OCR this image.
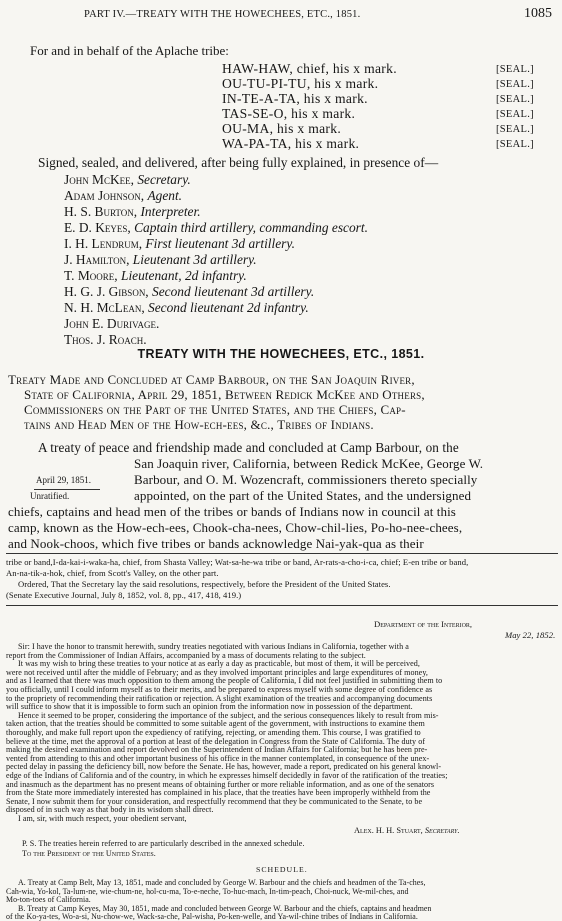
PART IV.—TREATY WITH THE HOWECHEES, ETC., 1851.	1085
For and in behalf of the Aplache tribe:
HAW-HAW, chief, his x mark.	[SEAL.]
OU-TU-PI-TU, his x mark.	[SEAL.]
IN-TE-A-TA, his x mark.	[SEAL.]
TAS-SE-O, his x mark.	[SEAL.]
OU-MA, his x mark.	[SEAL.]
WA-PA-TA, his x mark.	[SEAL.]
Signed, sealed, and delivered, after being fully explained, in presence of—
John McKee, Secretary.
Adam Johnson, Agent.
H. S. Burton, Interpreter.
E. D. Keyes, Captain third artillery, commanding escort.
I. H. Lendrum, First lieutenant 3d artillery.
J. Hamilton, Lieutenant 3d artillery.
T. Moore, Lieutenant, 2d infantry.
H. G. J. Gibson, Second lieutenant 3d artillery.
N. H. McLean, Second lieutenant 2d infantry.
John E. Durivage.
Thos. J. Roach.
TREATY WITH THE HOWECHEES, ETC., 1851.
Treaty Made and Concluded at Camp Barbour, on the San Joaquin River,
State of California, April 29, 1851, Between Redick McKee and Others,
Commissioners on the Part of the United States, and the Chiefs, Cap-
tains and Head Men of the How-ech-ees, &c., Tribes of Indians.
A treaty of peace and friendship made and concluded at Camp Barbour, on the
San Joaquin river, California, between Redick McKee, George W.
April 29, 1851.	Barbour, and O. M. Wozencraft, commissioners thereto specially
Unratified.	appointed, on the part of the United States, and the undersigned
chiefs, captains and head men of the tribes or bands of Indians now in council at this
camp, known as the How-ech-ees, Chook-cha-nees, Chow-chil-lies, Po-ho-nee-chees,
and Nook-choos, which five tribes or bands acknowledge Nai-yak-qua as their
tribe or band,I-da-kai-i-waka-ha, chief, from Shasta Valley; Wat-sa-he-wa tribe or band, Ar-rats-a-cho-i-ca, chief; E-en tribe or band,
An-na-tik-a-hok, chief, from Scott's Valley, on the other part.
Ordered, That the Secretary lay the said resolutions, respectively, before the President of the United States.
(Senate Executive Journal, July 8, 1852, vol. 8, pp., 417, 418, 419.)
Department of the Interior,
May 22, 1852.
Sir: I have the honor to transmit herewith, sundry treaties negotiated with various Indians in California, together with a
report from the Commissioner of Indian Affairs, accompanied by a mass of documents relating to the subject.
It was my wish to bring these treaties to your notice at as early a day as practicable, but most of them, it will be perceived,
were not received until after the middle of February; and as they involved important principles and large expenditures of money,
and as I learned that there was much opposition to them among the people of California, I did not feel justified in submitting them to
you officially, until I could inform myself as to their merits, and be prepared to express myself with some degree of confidence as
to the propriety of recommending their ratification or rejection. A slight examination of the treaties and accompanying documents
will suffice to show that it is impossible to form such an opinion from the information now in possession of the department.
Hence it seemed to be proper, considering the importance of the subject, and the serious consequences likely to result from mis-
taken action, that the treaties should be committed to some suitable agent of the government, with instructions to examine them
thoroughly, and make full report upon the expediency of ratifying, rejecting, or amending them. This course, I was gratified to
believe at the time, met the approval of a portion at least of the delegation in Congress from the State of California. The duty of
making the desired examination and report devolved on the Superintendent of Indian Affairs for California; but he has been pre-
vented from attending to this and other important business of his office in the manner contemplated, in consequence of the unex-
pected delay in passing the deficiency bill, now before the Senate. He has, however, made a report, predicated on his general knowl-
edge of the Indians of California and of the country, in which he expresses himself decidedly in favor of the ratification of the treaties;
and inasmuch as the department has no present means of obtaining further or more reliable information, and as one of the senators
from the State more immediately interested has complained in his place, that the treaties have been improperly withheld from the
Senate, I now submit them for your consideration, and respectfully recommend that they be communicated to the Senate, to be
disposed of in such way as that body in its wisdom shall direct.
I am, sir, with much respect, your obedient servant,
Alex. H. H. Stuart, Secretary.
P. S. The treaties herein referred to are particularly described in the annexed schedule.
To the President of the United States.
SCHEDULE.
A. Treaty at Camp Belt, May 13, 1851, made and concluded by George W. Barbour and the chiefs and headmen of the Ta-ches,
Cah-wia, Yo-kol, Ta-lum-ne, wie-chum-ne, hol-cu-ma, To-e-neche, To-huc-mach, In-tim-peach, Choi-nuck, We-mil-ches, and
Mo-ton-toes of California.
B. Treaty at Camp Keyes, May 30, 1851, made and concluded between George W. Barbour and the chiefs, captains and headmen
of the Ko-ya-tes, Wo-a-si, Nu-chow-we, Wack-sa-che, Pal-wisha, Po-ken-welle, and Ya-wil-chine tribes of Indians in California.
